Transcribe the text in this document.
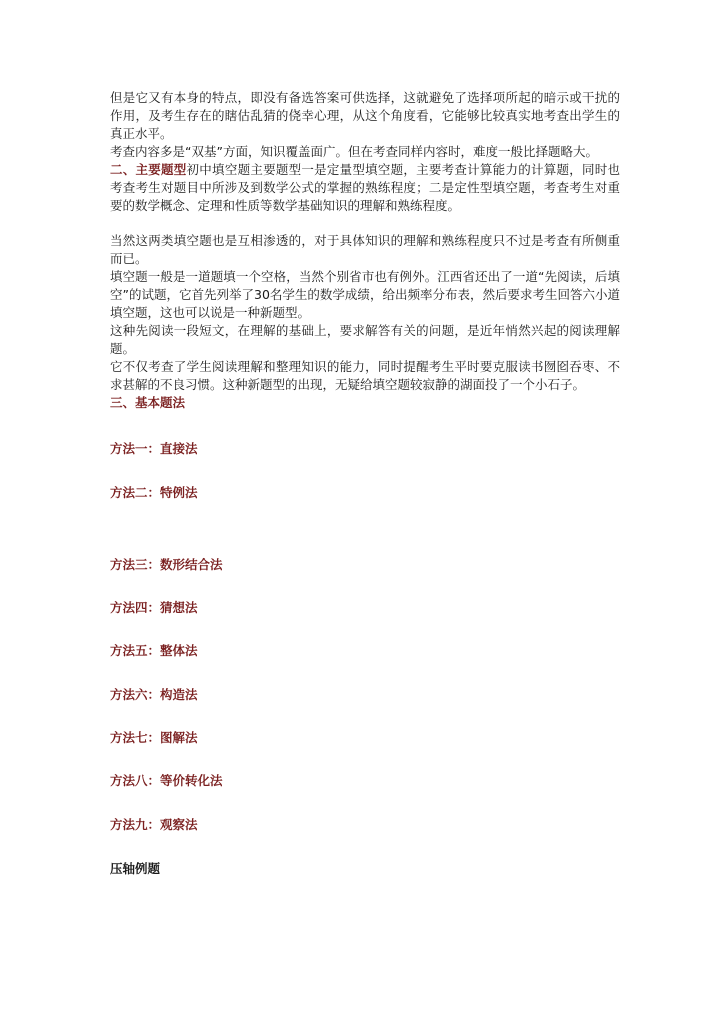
但是它又有本身的特点，即没有备选答案可供选择，这就避免了选择项所起的暗示或干扰的作用，及考生存在的瞎估乱猜的侥幸心理，从这个角度看，它能够比较真实地考查出学生的真正水平。

考查内容多是“双基”方面，知识覆盖面广。但在考查同样内容时，难度一般比择题略大。

二、主要题型初中填空题主要题型一是定量型填空题，主要考查计算能力的计算题，同时也考查考生对题目中所涉及到数学公式的掌握的熟练程度；二是定性型填空题，考查考生对重要的数学概念、定理和性质等数学基础知识的理解和熟练程度。

当然这两类填空题也是互相渗透的，对于具体知识的理解和熟练程度只不过是考查有所侧重而已。

填空题一般是一道题填一个空格，当然个别省市也有例外。江西省还出了一道“先阅读，后填空”的试题，它首先列举了30名学生的数学成绩，给出频率分布表，然后要求考生回答六小道填空题，这也可以说是一种新题型。

这种先阅读一段短文，在理解的基础上，要求解答有关的问题，是近年悄然兴起的阅读理解题。

它不仅考查了学生阅读理解和整理知识的能力，同时提醒考生平时要克服读书囫囵吞枣、不求甚解的不良习惯。这种新题型的出现，无疑给填空题较寂静的湖面投了一个小石子。

三、基本题法

方法一：直接法
方法二：特例法
方法三：数形结合法
方法四：猜想法
方法五：整体法
方法六：构造法
方法七：图解法
方法八：等价转化法
方法九：观察法
压轴例题
